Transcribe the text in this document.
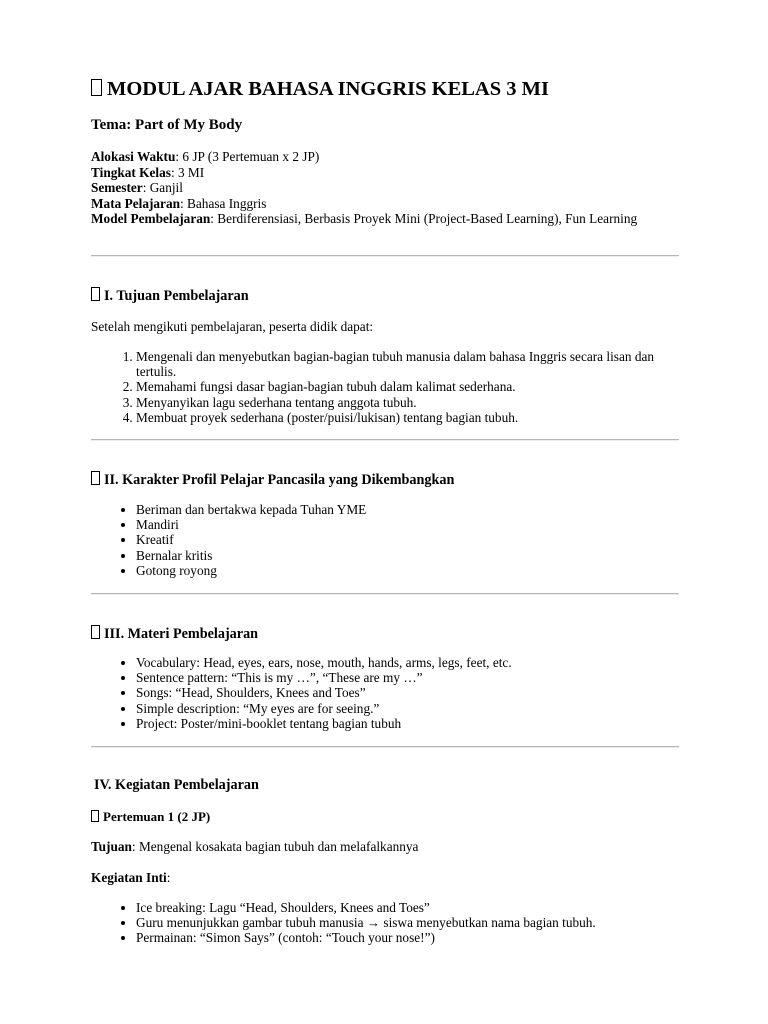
MODUL AJAR BAHASA INGGRIS KELAS 3 MI
Tema: Part of My Body
Alokasi Waktu: 6 JP (3 Pertemuan x 2 JP)
Tingkat Kelas: 3 MI
Semester: Ganjil
Mata Pelajaran: Bahasa Inggris
Model Pembelajaran: Berdiferensiasi, Berbasis Proyek Mini (Project-Based Learning), Fun Learning
I. Tujuan Pembelajaran

Setelah mengikuti pembelajaran, peserta didik dapat:

1. Mengenali dan menyebutkan bagian-bagian tubuh manusia dalam bahasa Inggris secara lisan dan tertulis.
2. Memahami fungsi dasar bagian-bagian tubuh dalam kalimat sederhana.
3. Menyanyikan lagu sederhana tentang anggota tubuh.
4. Membuat proyek sederhana (poster/puisi/lukisan) tentang bagian tubuh.
II. Karakter Profil Pelajar Pancasila yang Dikembangkan
• Beriman dan bertakwa kepada Tuhan YME
• Mandiri
• Kreatif
• Bernalar kritis
• Gotong royong
III. Materi Pembelajaran
• Vocabulary: Head, eyes, ears, nose, mouth, hands, arms, legs, feet, etc.
• Sentence pattern: “This is my …”, “These are my …”
• Songs: “Head, Shoulders, Knees and Toes”
• Simple description: “My eyes are for seeing.”
• Project: Poster/mini-booklet tentang bagian tubuh
IV. Kegiatan Pembelajaran
Pertemuan 1 (2 JP)

Tujuan: Mengenal kosakata bagian tubuh dan melafalkannya

Kegiatan Inti:

• Ice breaking: Lagu “Head, Shoulders, Knees and Toes”
• Guru menunjukkan gambar tubuh manusia → siswa menyebutkan nama bagian tubuh.
• Permainan: “Simon Says” (contoh: “Touch your nose!”)
